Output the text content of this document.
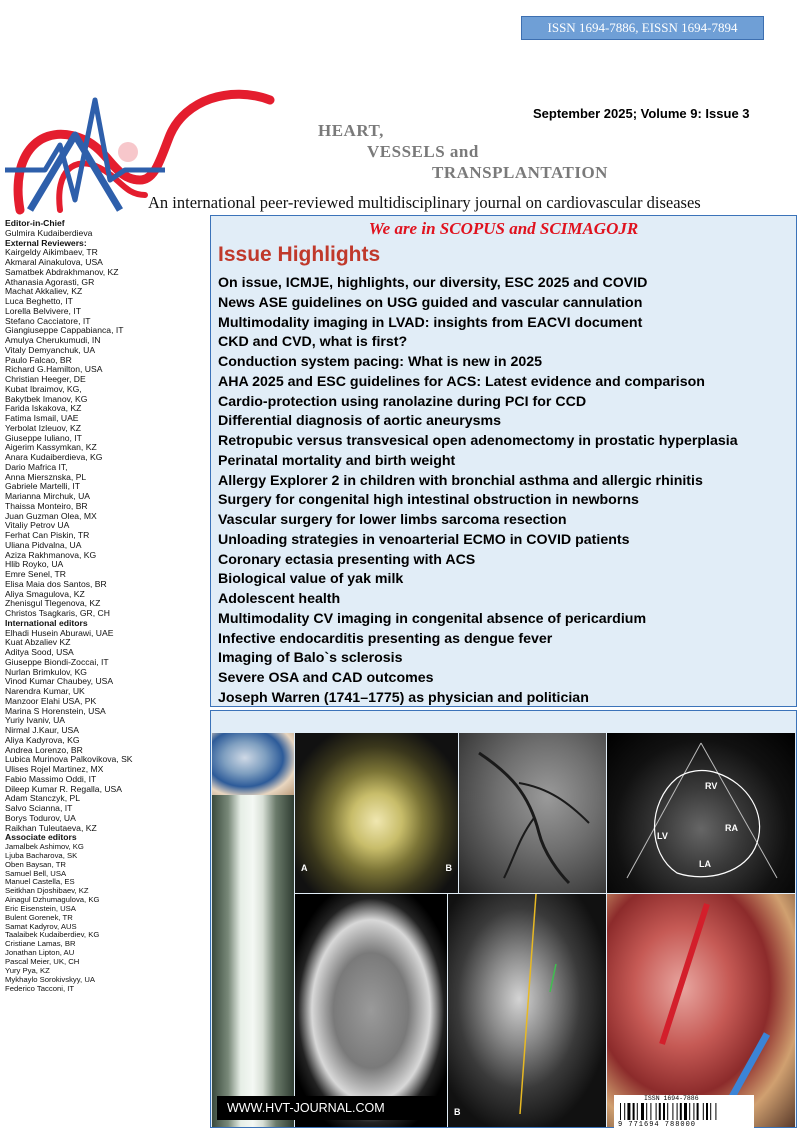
ISSN 1694-7886, EISSN 1694-7894
September 2025; Volume 9: Issue 3
HEART,
VESSELS and
TRANSPLANTATION
An international peer-reviewed multidisciplinary journal on cardiovascular diseases
Editor-in-Chief
Gulmira Kudaiberdieva
External Reviewers:
Kairgeldy Aikimbaev, TR
Akmaral Ainakulova, USA
Samatbek Abdrakhmanov, KZ
Athanasia Agorasti, GR
Machat Akkaliev, KZ
Luca Beghetto, IT
Lorella Belvivere, IT
Stefano Cacciatore, IT
Giangiuseppe Cappabianca, IT
Amulya Cherukumudi, IN
Vitaly Demyanchuk, UA
Paulo Falcao, BR
Richard G.Hamilton, USA
Christian Heeger, DE
Kubat Ibraimov, KG,
Bakytbek Imanov, KG
Farida Iskakova, KZ
Fatima Ismail, UAE
Yerbolat Izleuov, KZ
Giuseppe Iuliano, IT
Aigerim Kassymkan, KZ
Anara Kudaiberdieva, KG
Dario Mafrica IT,
Anna Miersznska, PL
Gabriele Martelli, IT
Marianna Mirchuk, UA
Thaissa Monteiro, BR
Juan Guzman Olea, MX
Vitaliy Petrov UA
Ferhat Can Piskin, TR
Uliana Pidvalna, UA
Aziza Rakhmanova, KG
Hlib Royko, UA
Emre Senel, TR
Elisa Maia dos Santos, BR
Aliya Smagulova, KZ
Zhenisgul Tlegenova, KZ
Christos Tsagkaris, GR, CH
International editors
Elhadi Husein Aburawi, UAE
Kuat Abzaliev KZ
Aditya Sood, USA
Giuseppe Biondi-Zoccai, IT
Nurlan Brimkulov, KG
Vinod Kumar Chaubey, USA
Narendra Kumar, UK
Manzoor Elahi USA, PK
Marina S Horenstein, USA
Yuriy Ivaniv, UA
Nirmal J.Kaur, USA
Aliya Kadyrova, KG
Andrea Lorenzo, BR
Lubica Murinova Palkovikova, SK
Ulises Rojel Martinez, MX
Fabio Massimo Oddi, IT
Dileep Kumar R. Regalla, USA
Adam Stanczyk, PL
Salvo Scianna, IT
Borys Todurov, UA
Raikhan Tuleutaeva, KZ
Associate editors
Jamalbek Ashimov, KG
Ljuba Bacharova, SK
Oben Baysan, TR
Samuel Bell, USA
Manuel Castella, ES
Seitkhan Djoshibaev, KZ
Ainagul Dzhumagulova, KG
Eric Eisenstein, USA
Bulent Gorenek, TR
Samat Kadyrov, AUS
Taalaibek Kudaiberdiev, KG
Cristiane Lamas, BR
Jonathan Lipton, AU
Pascal Meier, UK, CH
Yury Pya, KZ
Mykhaylo Sorokivskyy, UA
Federico Tacconi, IT
We are in SCOPUS and SCIMAGOJR
Issue Highlights
On issue, ICMJE, highlights, our diversity, ESC 2025 and COVID
News ASE guidelines on USG guided and vascular cannulation
Multimodality imaging in LVAD: insights from EACVI document
CKD and CVD, what is first?
Conduction system pacing: What is new in 2025
AHA 2025 and ESC guidelines for ACS: Latest evidence and comparison
Cardio-protection using ranolazine during PCI for CCD
Differential diagnosis of aortic aneurysms
Retropubic versus transvesical open adenomectomy in prostatic hyperplasia
Perinatal mortality and birth weight
Allergy Explorer 2 in children with bronchial asthma and allergic rhinitis
Surgery for congenital high intestinal obstruction in newborns
Vascular surgery for lower limbs sarcoma resection
Unloading strategies in venoarterial ECMO in COVID patients
Coronary ectasia presenting with ACS
Biological value of yak milk
Adolescent health
Multimodality CV imaging in congenital absence of pericardium
Infective endocarditis presenting as dengue fever
Imaging of Balo`s sclerosis
Severe OSA and CAD outcomes
Joseph Warren (1741–1775) as physician and politician
A	B
RV
RA
LV
LA
B
WWW.HVT-JOURNAL.COM
ISSN 1694-7886
9 771694 788000
